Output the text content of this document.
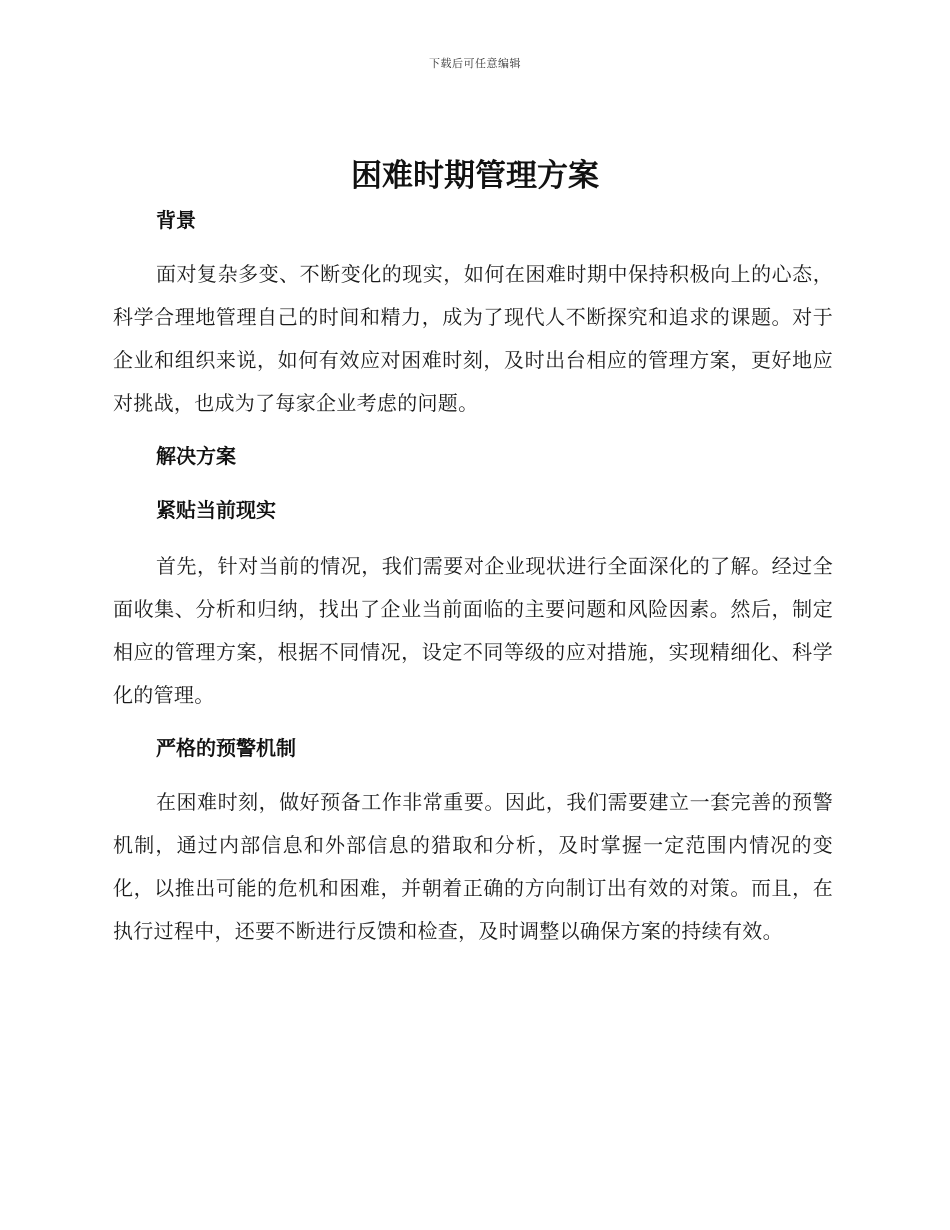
下载后可任意编辑
困难时期管理方案
背景

面对复杂多变、不断变化的现实，如何在困难时期中保持积极向上的心态，科学合理地管理自己的时间和精力，成为了现代人不断探究和追求的课题。对于企业和组织来说，如何有效应对困难时刻，及时出台相应的管理方案，更好地应对挑战，也成为了每家企业考虑的问题。

解决方案
紧贴当前现实

首先，针对当前的情况，我们需要对企业现状进行全面深化的了解。经过全面收集、分析和归纳，找出了企业当前面临的主要问题和风险因素。然后，制定相应的管理方案，根据不同情况，设定不同等级的应对措施，实现精细化、科学化的管理。

严格的预警机制

在困难时刻，做好预备工作非常重要。因此，我们需要建立一套完善的预警机制，通过内部信息和外部信息的猎取和分析，及时掌握一定范围内情况的变化，以推出可能的危机和困难，并朝着正确的方向制订出有效的对策。而且，在执行过程中，还要不断进行反馈和检查，及时调整以确保方案的持续有效。
